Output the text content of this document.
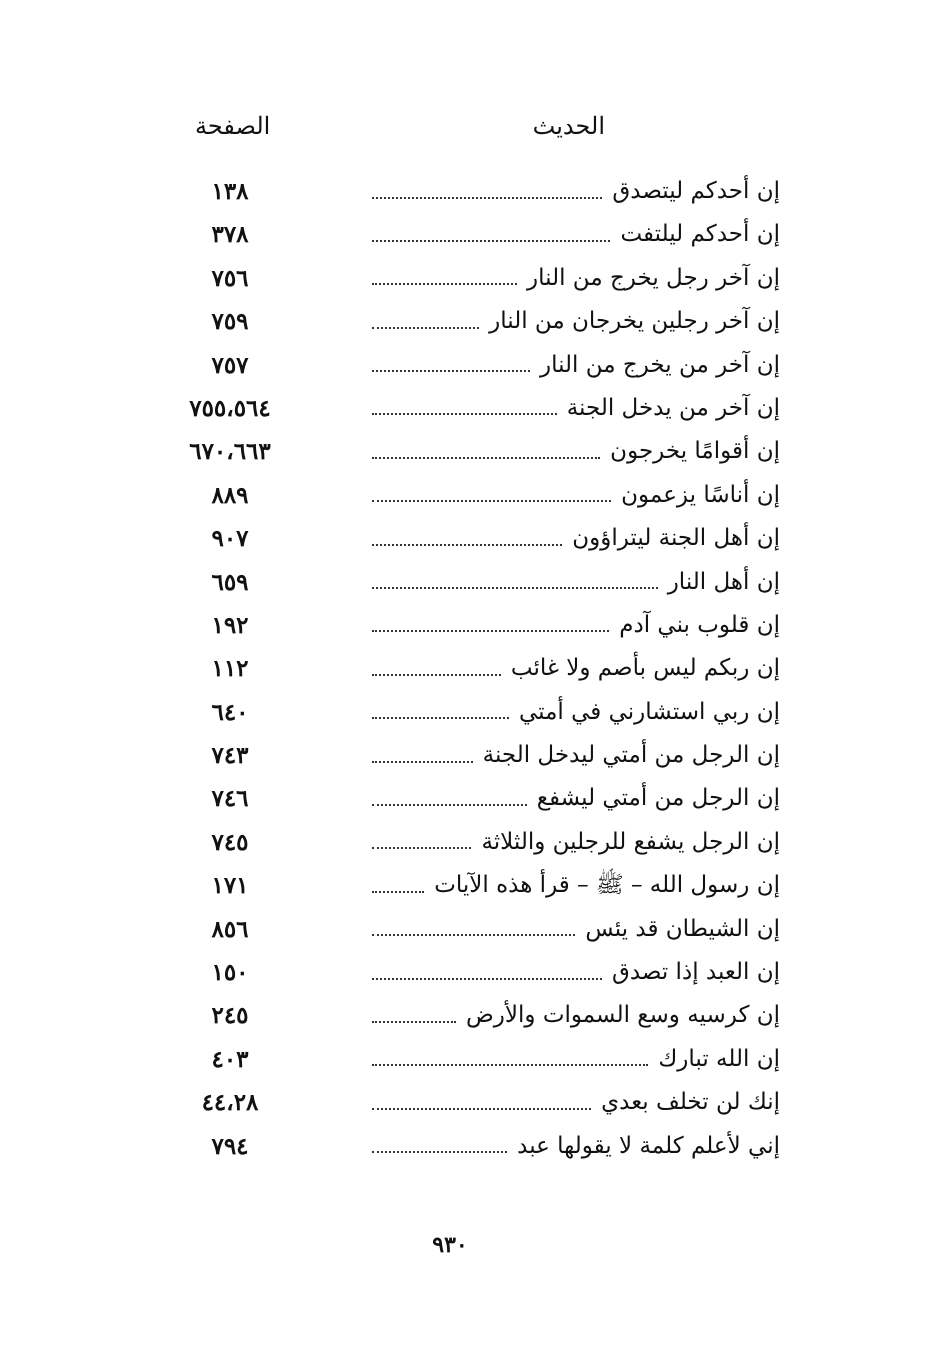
الحديث
الصفحة
إن أحدكم ليتصدق
١٣٨
إن أحدكم ليلتفت
٣٧٨
إن آخر رجل يخرج من النار
٧٥٦
إن آخر رجلين يخرجان من النار
٧٥٩
إن آخر من يخرج من النار
٧٥٧
إن آخر من يدخل الجنة
٧٥٥،٥٦٤
إن أقوامًا يخرجون
٦٧٠،٦٦٣
إن أناسًا يزعمون
٨٨٩
إن أهل الجنة ليتراؤون
٩٠٧
إن أهل النار
٦٥٩
إن قلوب بني آدم
١٩٢
إن ربكم ليس بأصم ولا غائب
١١٢
إن ربي استشارني في أمتي
٦٤٠
إن الرجل من أمتي ليدخل الجنة
٧٤٣
إن الرجل من أمتي ليشفع
٧٤٦
إن الرجل يشفع للرجلين والثلاثة
٧٤٥
إن رسول الله – ﷺ – قرأ هذه الآيات
١٧١
إن الشيطان قد يئس
٨٥٦
إن العبد إذا تصدق
١٥٠
إن كرسيه وسع السموات والأرض
٢٤٥
إن الله تبارك
٤٠٣
إنك لن تخلف بعدي
٤٤،٢٨
إني لأعلم كلمة لا يقولها عبد
٧٩٤
٩٣٠
